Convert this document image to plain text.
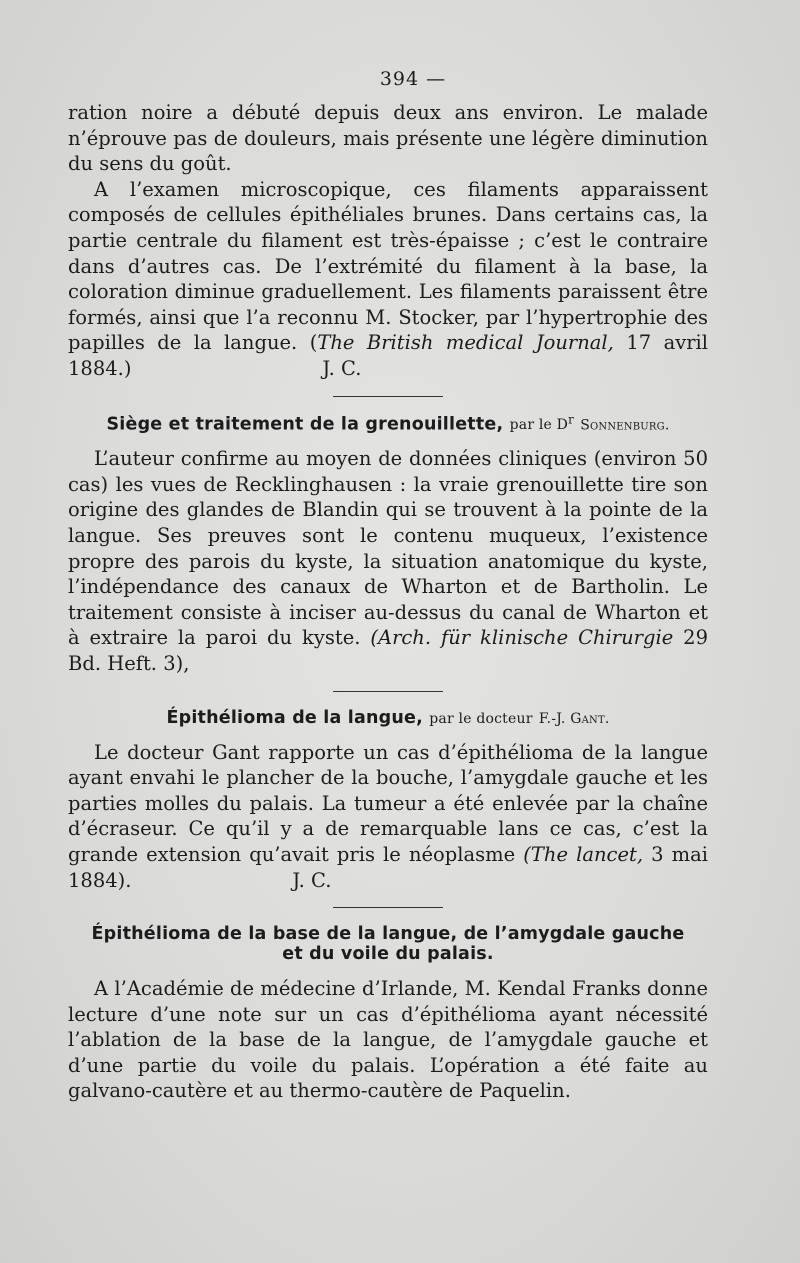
394 —

ration noire a débuté depuis deux ans environ. Le malade n’éprouve pas de douleurs, mais présente une légère diminution du sens du goût.

A l’examen microscopique, ces filaments apparaissent composés de cellules épithéliales brunes. Dans certains cas, la partie centrale du filament est très-épaisse ; c’est le contraire dans d’autres cas. De l’extrémité du filament à la base, la coloration diminue graduellement. Les filaments paraissent être formés, ainsi que l’a reconnu M. Stocker, par l’hypertrophie des papilles de la langue. (The British medical Journal, 17 avril 1884.)	J. C.

Siège et traitement de la grenouillette, par le $D^r$ Sonnenburg.

L’auteur confirme au moyen de données cliniques (environ 50 cas) les vues de Recklinghausen : la vraie grenouillette tire son origine des glandes de Blandin qui se trouvent à la pointe de la langue. Ses preuves sont le contenu muqueux, l’existence propre des parois du kyste, la situation anatomique du kyste, l’indépendance des canaux de Wharton et de Bartholin. Le traitement consiste à inciser au-dessus du canal de Wharton et à extraire la paroi du kyste. (Arch. für klinische Chirurgie 29 Bd. Heft. 3),

Épithélioma de la langue, par le docteur F.-J. Gant.

Le docteur Gant rapporte un cas d’épithélioma de la langue ayant envahi le plancher de la bouche, l’amygdale gauche et les parties molles du palais. La tumeur a été enlevée par la chaîne d’écraseur. Ce qu’il y a de remarquable lans ce cas, c’est la grande extension qu’avait pris le néoplasme (The lancet, 3 mai 1884).	J. C.

Épithélioma de la base de la langue, de l’amygdale gauche
et du voile du palais.

A l’Académie de médecine d’Irlande, M. Kendal Franks donne lecture d’une note sur un cas d’épithélioma ayant nécessité l’ablation de la base de la langue, de l’amygdale gauche et d’une partie du voile du palais. L’opération a été faite au galvano-cautère et au thermo-cautère de Paquelin.
